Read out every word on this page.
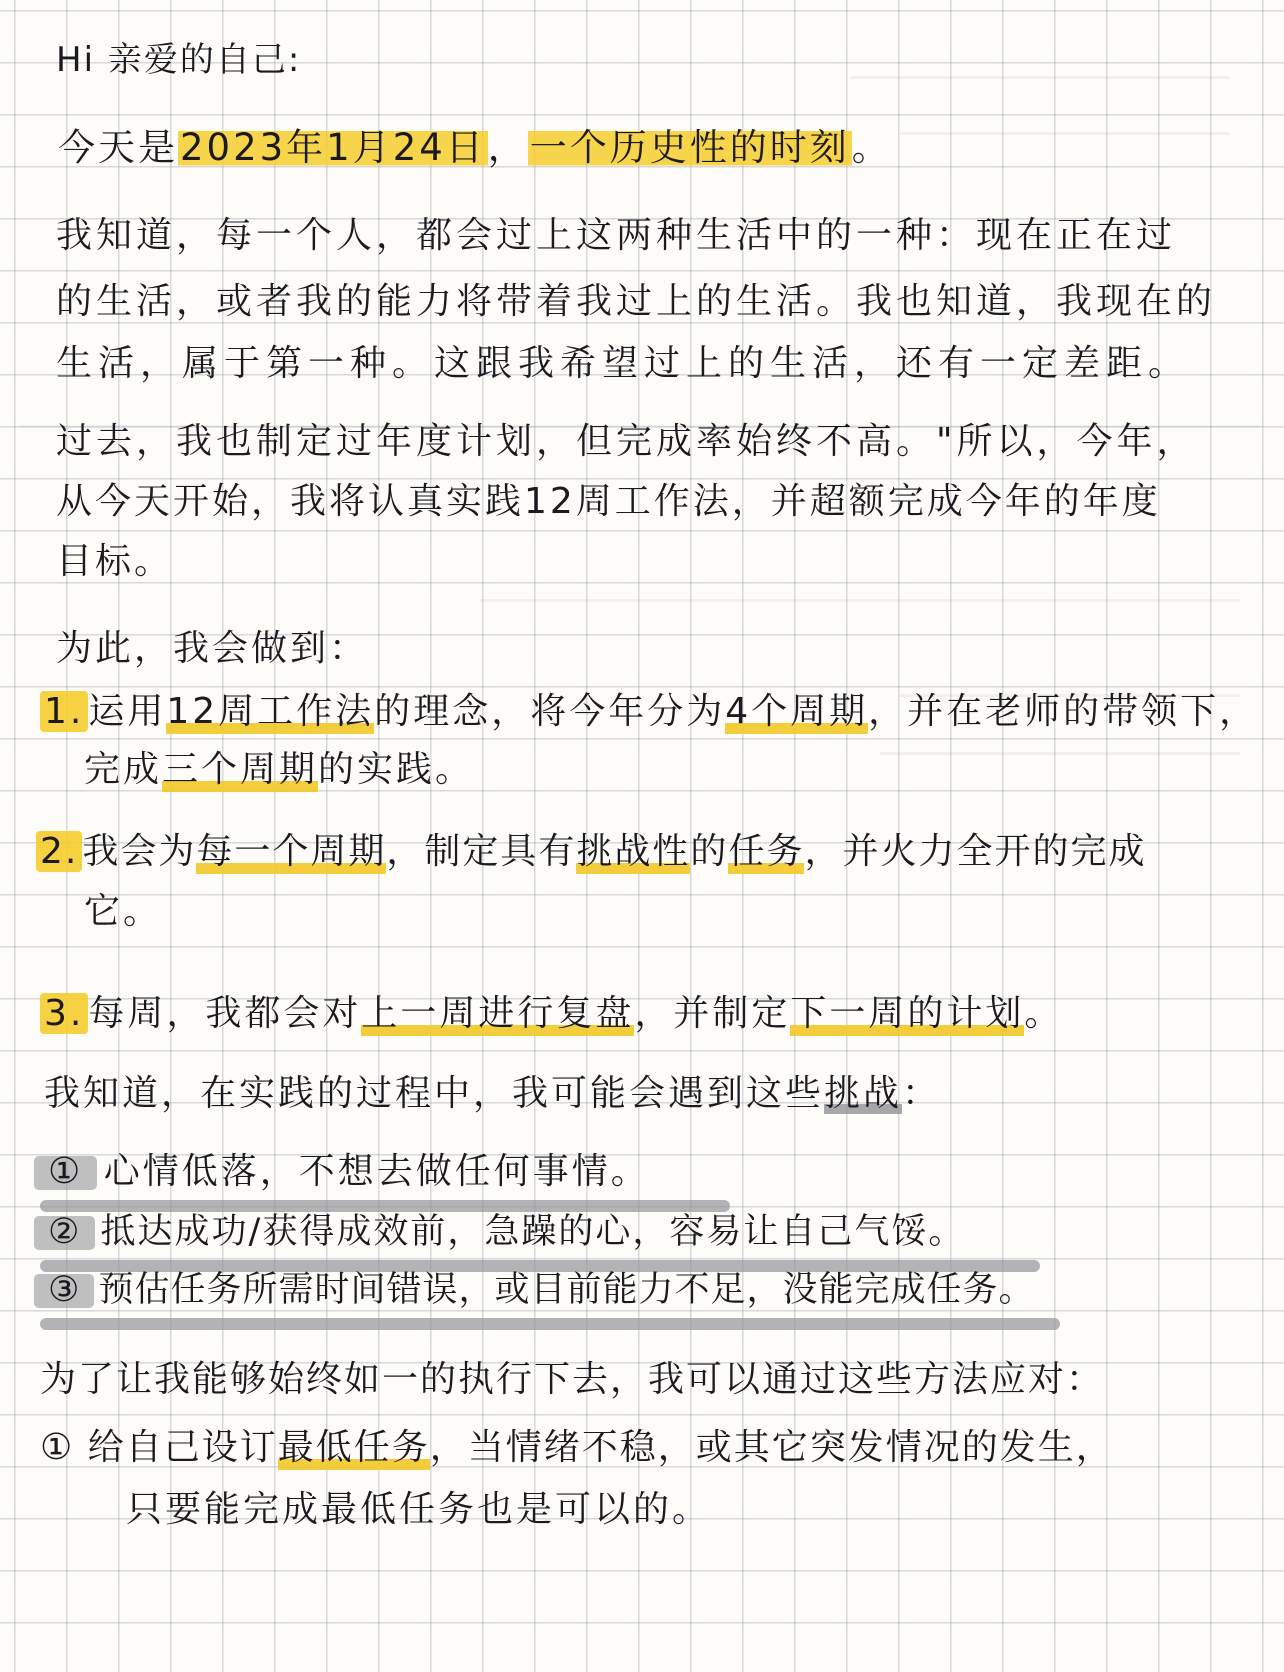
Hi 亲爱的自己:
今天是2023年1月24日，一个历史性的时刻。
我知道，每一个人，都会过上这两种生活中的一种：现在正在过
的生活，或者我的能力将带着我过上的生活。我也知道，我现在的
生活，属于第一种。这跟我希望过上的生活，还有一定差距。
过去，我也制定过年度计划，但完成率始终不高。"所以，今年，
从今天开始，我将认真实践12周工作法，并超额完成今年的年度
目标。
为此，我会做到：
1. 运用12周工作法的理念，将今年分为4个周期，并在老师的带领下，
完成三个周期的实践。
2. 我会为每一个周期，制定具有挑战性的任务，并火力全开的完成
它。
3. 每周，我都会对上一周进行复盘，并制定下一周的计划。
我知道，在实践的过程中，我可能会遇到这些挑战：
① 心情低落，不想去做任何事情。
② 抵达成功/获得成效前，急躁的心，容易让自己气馁。
③ 预估任务所需时间错误，或目前能力不足，没能完成任务。
为了让我能够始终如一的执行下去，我可以通过这些方法应对：
① 给自己设订最低任务，当情绪不稳，或其它突发情况的发生，
只要能完成最低任务也是可以的。
